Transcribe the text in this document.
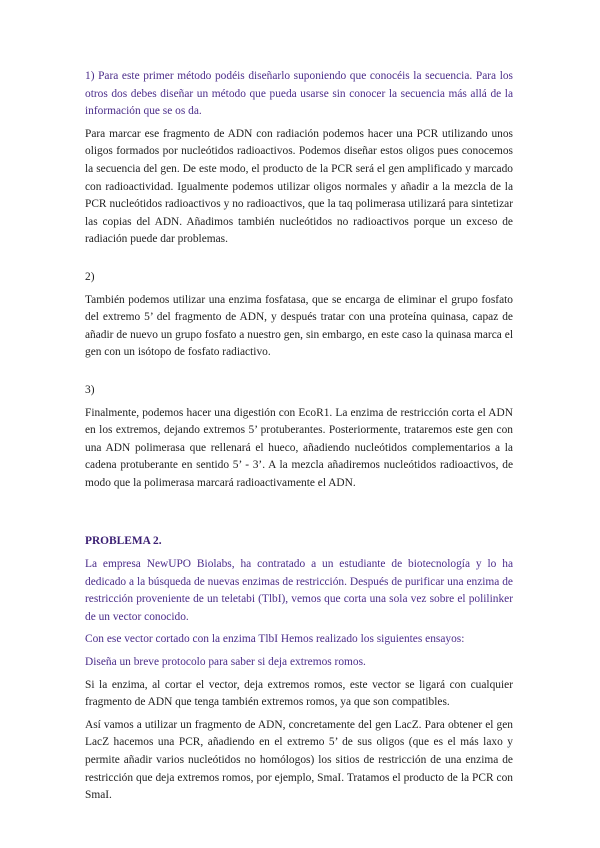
1) Para este primer método podéis diseñarlo suponiendo que conocéis la secuencia. Para los otros dos debes diseñar un método que pueda usarse sin conocer la secuencia más allá de la información que se os da.

Para marcar ese fragmento de ADN con radiación podemos hacer una PCR utilizando unos oligos formados por nucleótidos radioactivos. Podemos diseñar estos oligos pues conocemos la secuencia del gen. De este modo, el producto de la PCR será el gen amplificado y marcado con radioactividad. Igualmente podemos utilizar oligos normales y añadir a la mezcla de la PCR nucleótidos radioactivos y no radioactivos, que la taq polimerasa utilizará para sintetizar las copias del ADN. Añadimos también nucleótidos no radioactivos porque un exceso de radiación puede dar problemas.

2)

También podemos utilizar una enzima fosfatasa, que se encarga de eliminar el grupo fosfato del extremo 5’ del fragmento de ADN, y después tratar con una proteína quinasa, capaz de añadir de nuevo un grupo fosfato a nuestro gen, sin embargo, en este caso la quinasa marca el gen con un isótopo de fosfato radiactivo.

3)

Finalmente, podemos hacer una digestión con EcoR1. La enzima de restricción corta el ADN en los extremos, dejando extremos 5’ protuberantes. Posteriormente, trataremos este gen con una ADN polimerasa que rellenará el hueco, añadiendo nucleótidos complementarios a la cadena protuberante en sentido 5’ - 3’. A la mezcla añadiremos nucleótidos radioactivos, de modo que la polimerasa marcará radioactivamente el ADN.

PROBLEMA 2.

La empresa NewUPO Biolabs, ha contratado a un estudiante de biotecnología y lo ha dedicado a la búsqueda de nuevas enzimas de restricción. Después de purificar una enzima de restricción proveniente de un teletabi (TlbI), vemos que corta una sola vez sobre el polilinker de un vector conocido.

Con ese vector cortado con la enzima TlbI Hemos realizado los siguientes ensayos:

Diseña un breve protocolo para saber si deja extremos romos.

Si la enzima, al cortar el vector, deja extremos romos, este vector se ligará con cualquier fragmento de ADN que tenga también extremos romos, ya que son compatibles.

Así vamos a utilizar un fragmento de ADN, concretamente del gen LacZ. Para obtener el gen LacZ hacemos una PCR, añadiendo en el extremo 5’ de sus oligos (que es el más laxo y permite añadir varios nucleótidos no homólogos) los sitios de restricción de una enzima de restricción que deja extremos romos, por ejemplo, SmaI. Tratamos el producto de la PCR con SmaI.
